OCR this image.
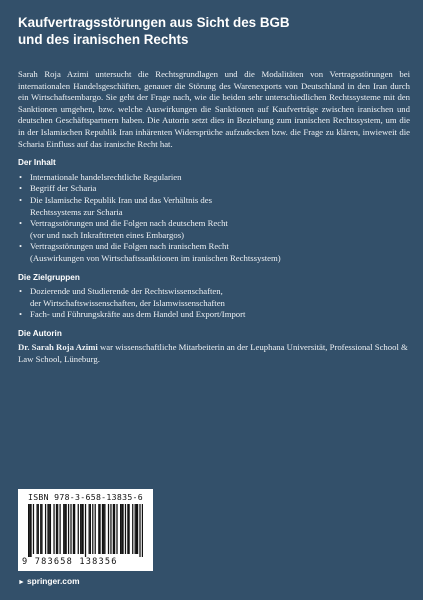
Kaufvertragsstörungen aus Sicht des BGB
und des iranischen Rechts

Sarah Roja Azimi untersucht die Rechtsgrundlagen und die Modalitäten von Vertragsstörungen bei internationalen Handelsgeschäften, genauer die Störung des Warenexports von Deutschland in den Iran durch ein Wirtschaftsembargo. Sie geht der Frage nach, wie die beiden sehr unterschiedlichen Rechtssysteme mit den Sanktionen umgehen, bzw. welche Auswirkungen die Sanktionen auf Kaufverträge zwischen iranischen und deutschen Geschäftspartnern haben. Die Autorin setzt dies in Beziehung zum iranischen Rechtssystem, um die in der Islamischen Republik Iran inhärenten Widersprüche aufzudecken bzw. die Frage zu klären, inwieweit die Scharia Einfluss auf das iranische Recht hat.

Der Inhalt
• Internationale handelsrechtliche Regularien
• Begriff der Scharia
• Die Islamische Republik Iran und das Verhältnis des
Rechtssystems zur Scharia
• Vertragsstörungen und die Folgen nach deutschem Recht
(vor und nach Inkrafttreten eines Embargos)
• Vertragsstörungen und die Folgen nach iranischem Recht
(Auswirkungen von Wirtschaftssanktionen im iranischen Rechtssystem)
Die Zielgruppen
• Dozierende und Studierende der Rechtswissenschaften,
der Wirtschaftswissenschaften, der Islamwissenschaften
• Fach- und Führungskräfte aus dem Handel und Export/Import
Die Autorin

Dr. Sarah Roja Azimi war wissenschaftliche Mitarbeiterin an der Leuphana Universität, Professional School & Law School, Lüneburg.

ISBN 978-3-658-13835-6
9 783658 138356
► springer.com
